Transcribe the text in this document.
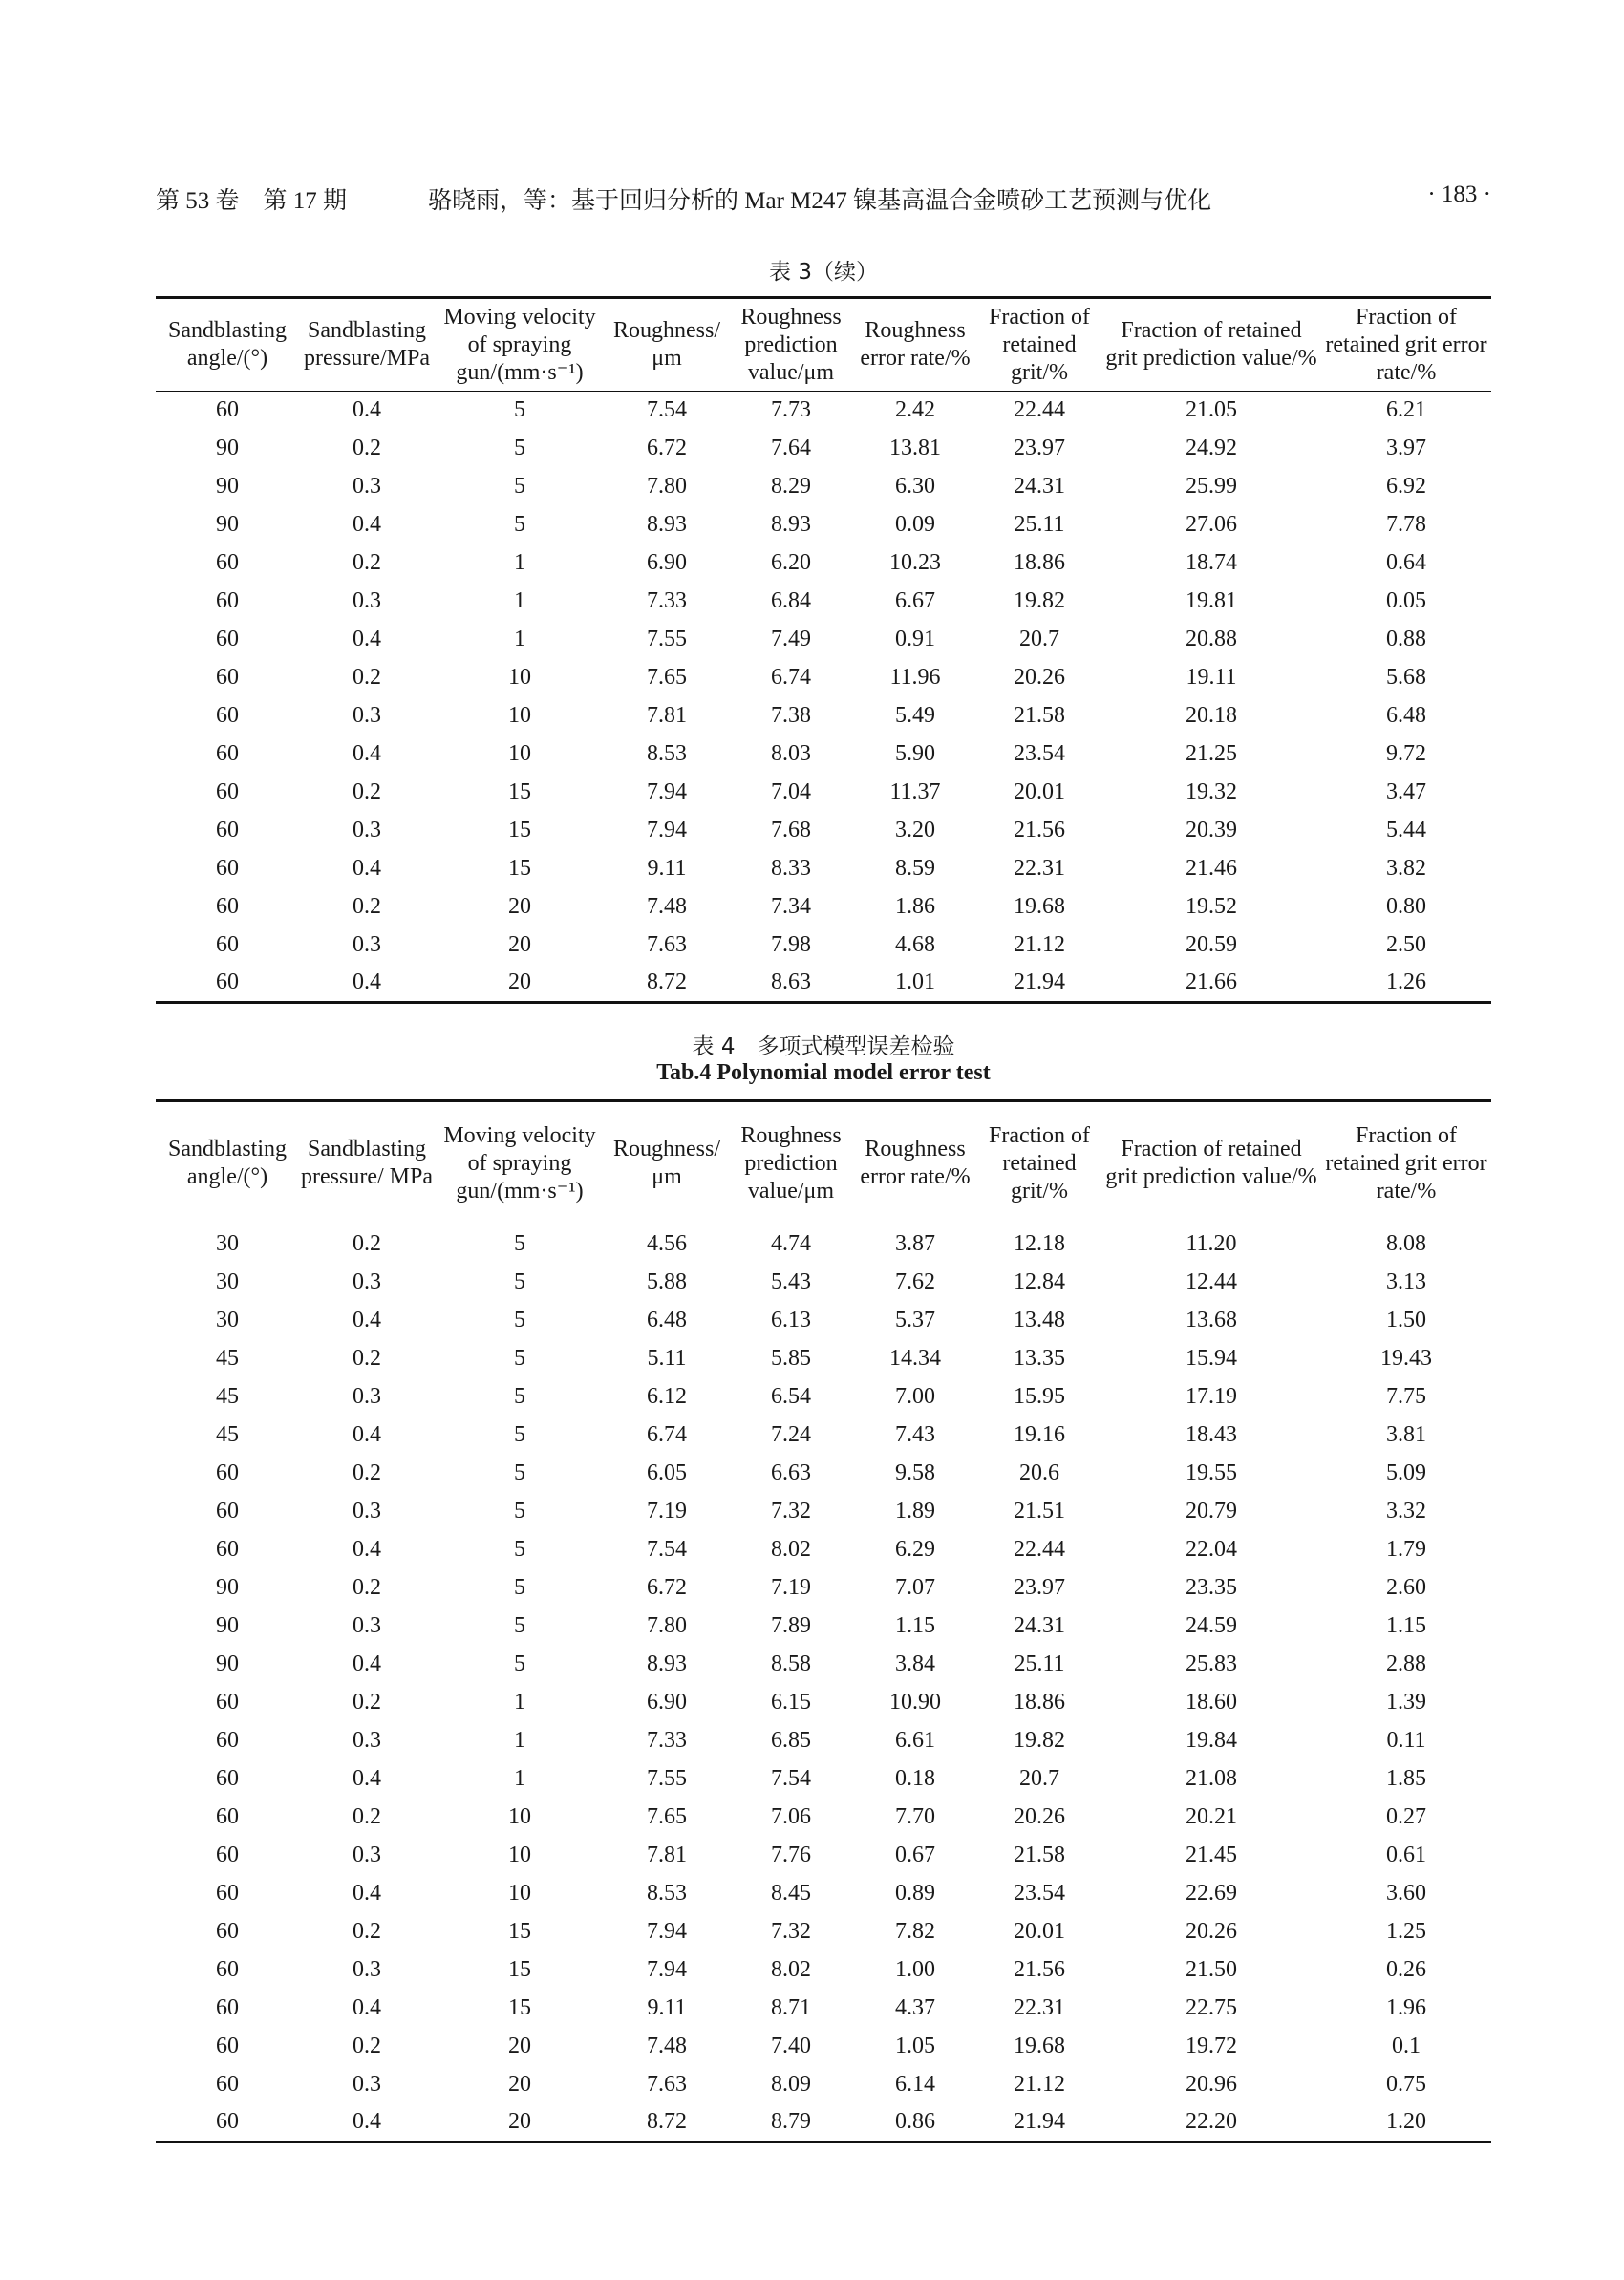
第 53 卷　第 17 期	骆晓雨，等：基于回归分析的 Mar M247 镍基高温合金喷砂工艺预测与优化	· 183 ·
表 3（续）
Sandblasting angle/(°)	Sandblasting pressure/MPa	Moving velocity of spraying gun/(mm·s⁻¹)	Roughness/ μm	Roughness prediction value/μm	Roughness error rate/%	Fraction of retained grit/%	Fraction of retained grit prediction value/%	Fraction of retained grit error rate/%
60	0.4	5	7.54	7.73	2.42	22.44	21.05	6.21
90	0.2	5	6.72	7.64	13.81	23.97	24.92	3.97
90	0.3	5	7.80	8.29	6.30	24.31	25.99	6.92
90	0.4	5	8.93	8.93	0.09	25.11	27.06	7.78
60	0.2	1	6.90	6.20	10.23	18.86	18.74	0.64
60	0.3	1	7.33	6.84	6.67	19.82	19.81	0.05
60	0.4	1	7.55	7.49	0.91	20.7	20.88	0.88
60	0.2	10	7.65	6.74	11.96	20.26	19.11	5.68
60	0.3	10	7.81	7.38	5.49	21.58	20.18	6.48
60	0.4	10	8.53	8.03	5.90	23.54	21.25	9.72
60	0.2	15	7.94	7.04	11.37	20.01	19.32	3.47
60	0.3	15	7.94	7.68	3.20	21.56	20.39	5.44
60	0.4	15	9.11	8.33	8.59	22.31	21.46	3.82
60	0.2	20	7.48	7.34	1.86	19.68	19.52	0.80
60	0.3	20	7.63	7.98	4.68	21.12	20.59	2.50
60	0.4	20	8.72	8.63	1.01	21.94	21.66	1.26
表 4　多项式模型误差检验
Tab.4 Polynomial model error test
Sandblasting angle/(°)	Sandblasting pressure/ MPa	Moving velocity of spraying gun/(mm·s⁻¹)	Roughness/ μm	Roughness prediction value/μm	Roughness error rate/%	Fraction of retained grit/%	Fraction of retained grit prediction value/%	Fraction of retained grit error rate/%
30	0.2	5	4.56	4.74	3.87	12.18	11.20	8.08
30	0.3	5	5.88	5.43	7.62	12.84	12.44	3.13
30	0.4	5	6.48	6.13	5.37	13.48	13.68	1.50
45	0.2	5	5.11	5.85	14.34	13.35	15.94	19.43
45	0.3	5	6.12	6.54	7.00	15.95	17.19	7.75
45	0.4	5	6.74	7.24	7.43	19.16	18.43	3.81
60	0.2	5	6.05	6.63	9.58	20.6	19.55	5.09
60	0.3	5	7.19	7.32	1.89	21.51	20.79	3.32
60	0.4	5	7.54	8.02	6.29	22.44	22.04	1.79
90	0.2	5	6.72	7.19	7.07	23.97	23.35	2.60
90	0.3	5	7.80	7.89	1.15	24.31	24.59	1.15
90	0.4	5	8.93	8.58	3.84	25.11	25.83	2.88
60	0.2	1	6.90	6.15	10.90	18.86	18.60	1.39
60	0.3	1	7.33	6.85	6.61	19.82	19.84	0.11
60	0.4	1	7.55	7.54	0.18	20.7	21.08	1.85
60	0.2	10	7.65	7.06	7.70	20.26	20.21	0.27
60	0.3	10	7.81	7.76	0.67	21.58	21.45	0.61
60	0.4	10	8.53	8.45	0.89	23.54	22.69	3.60
60	0.2	15	7.94	7.32	7.82	20.01	20.26	1.25
60	0.3	15	7.94	8.02	1.00	21.56	21.50	0.26
60	0.4	15	9.11	8.71	4.37	22.31	22.75	1.96
60	0.2	20	7.48	7.40	1.05	19.68	19.72	0.1
60	0.3	20	7.63	8.09	6.14	21.12	20.96	0.75
60	0.4	20	8.72	8.79	0.86	21.94	22.20	1.20
